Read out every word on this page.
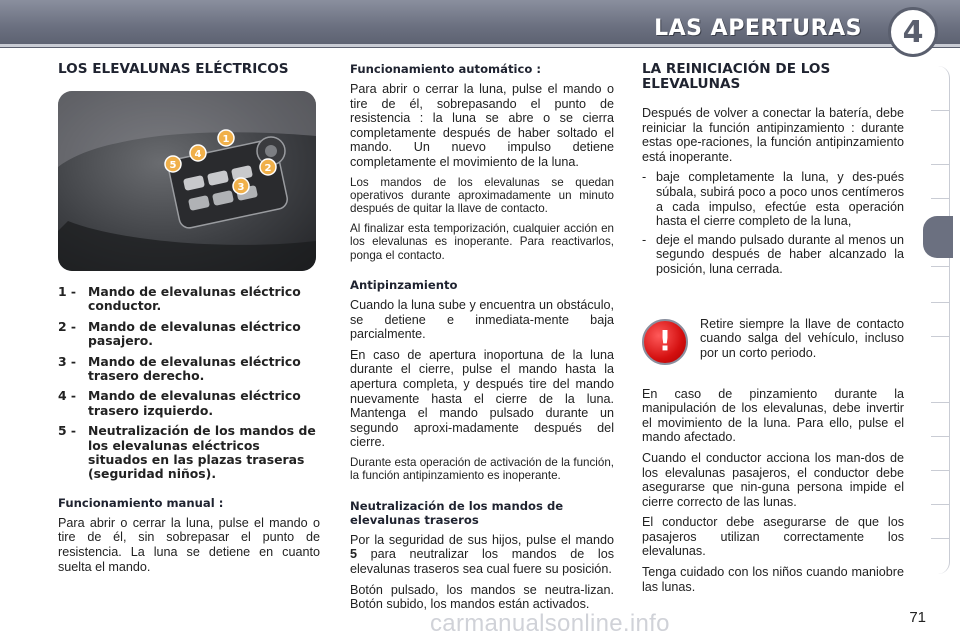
LAS APERTURAS	4
LOS ELEVALUNAS ELÉCTRICOS
1
2
3
4
5
1 - Mando de elevalunas eléctrico conductor.
2 - Mando de elevalunas eléctrico pasajero.
3 - Mando de elevalunas eléctrico trasero derecho.
4 - Mando de elevalunas eléctrico trasero izquierdo.
5 - Neutralización de los mandos de los elevalunas eléctricos situados en las plazas traseras (seguridad niños).
Funcionamiento manual :

Para abrir o cerrar la luna, pulse el mando o tire de él, sin sobrepasar el punto de resistencia. La luna se detiene en cuanto suelta el mando.

Funcionamiento automático :

Para abrir o cerrar la luna, pulse el mando o tire de él, sobrepasando el punto de resistencia : la luna se abre o se cierra completamente después de haber soltado el mando. Un nuevo impulso detiene completamente el movimiento de la luna.

Los mandos de los elevalunas se quedan operativos durante aproximadamente un minuto después de quitar la llave de contacto.

Al finalizar esta temporización, cualquier acción en los elevalunas es inoperante. Para reactivarlos, ponga el contacto.

Antipinzamiento

Cuando la luna sube y encuentra un obstáculo, se detiene e inmediata-mente baja parcialmente.

En caso de apertura inoportuna de la luna durante el cierre, pulse el mando hasta la apertura completa, y después tire del mando nuevamente hasta el cierre de la luna. Mantenga el mando pulsado durante un segundo aproxi-madamente después del cierre.

Durante esta operación de activación de la función, la función antipinzamiento es inoperante.

Neutralización de los mandos de elevalunas traseros

Por la seguridad de sus hijos, pulse el mando 5 para neutralizar los mandos de los elevalunas traseros sea cual fuere su posición.

Botón pulsado, los mandos se neutra-lizan. Botón subido, los mandos están activados.

LA REINICIACIÓN DE LOS ELEVALUNAS

Después de volver a conectar la batería, debe reiniciar la función antipinzamiento : durante estas ope-raciones, la función antipinzamiento está inoperante.

- baje completamente la luna, y des-pués súbala, subirá poco a poco unos centímeros a cada impulso, efectúe esta operación hasta el cierre completo de la luna,
- deje el mando pulsado durante al menos un segundo después de haber alcanzado la posición, luna cerrada.
!

Retire siempre la llave de contacto cuando salga del vehículo, incluso por un corto periodo.

En caso de pinzamiento durante la manipulación de los elevalunas, debe invertir el movimiento de la luna. Para ello, pulse el mando afectado.

Cuando el conductor acciona los man-dos de los elevalunas pasajeros, el conductor debe asegurarse que nin-guna persona impide el cierre correcto de las lunas.

El conductor debe asegurarse de que los pasajeros utilizan correctamente los elevalunas.

Tenga cuidado con los niños cuando maniobre las lunas.

carmanualsonline.info	71
